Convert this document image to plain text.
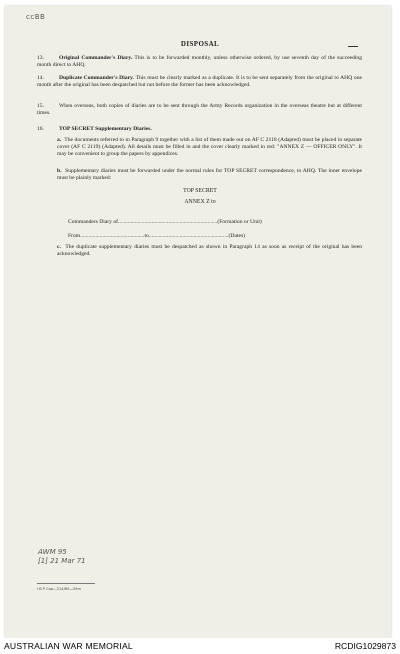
ccBB
DISPOSAL
13.	Original Commander's Diary. This is to be forwarded monthly, unless otherwise ordered, by use seventh day of the succeeding month direct to AHQ.
14.	Duplicate Commander's Diary. This must be clearly marked as a duplicate. It is to be sent separately from the original to AHQ one month after the original has been despatched but not before the former has been acknowledged.
15.	When overseas, both copies of diaries are to be sent through the Army Records organization in the overseas theatre but at different times.
16.	TOP SECRET Supplementary Diaries.
a. The documents referred to in Paragraph 9 together with a list of them made out on AF C 2118 (Adapted) must be placed in separate cover (AF C 2119) (Adapted). All details must be filled in and the cover clearly marked in red: "ANNEX Z — OFFICER ONLY". It may be convenient to group the papers by appendices.
b. Supplementary diaries must be forwarded under the normal rules for TOP SECRET correspondence, to AHQ. The inner envelope must be plainly marked:
TOP SECRET
ANNEX Z to
Commanders Diary of.......................................................................(Formation or Unit)
From..............................................to.........................................................(Dates)
c. The duplicate supplementary diaries must be despatched as shown in Paragraph 14 as soon as receipt of the original has been acknowledged.
AWM 95
[1] 21 Mar 71
I B P Cap—214/65—55m
AUSTRALIAN WAR MEMORIAL	RCDIG1029873
